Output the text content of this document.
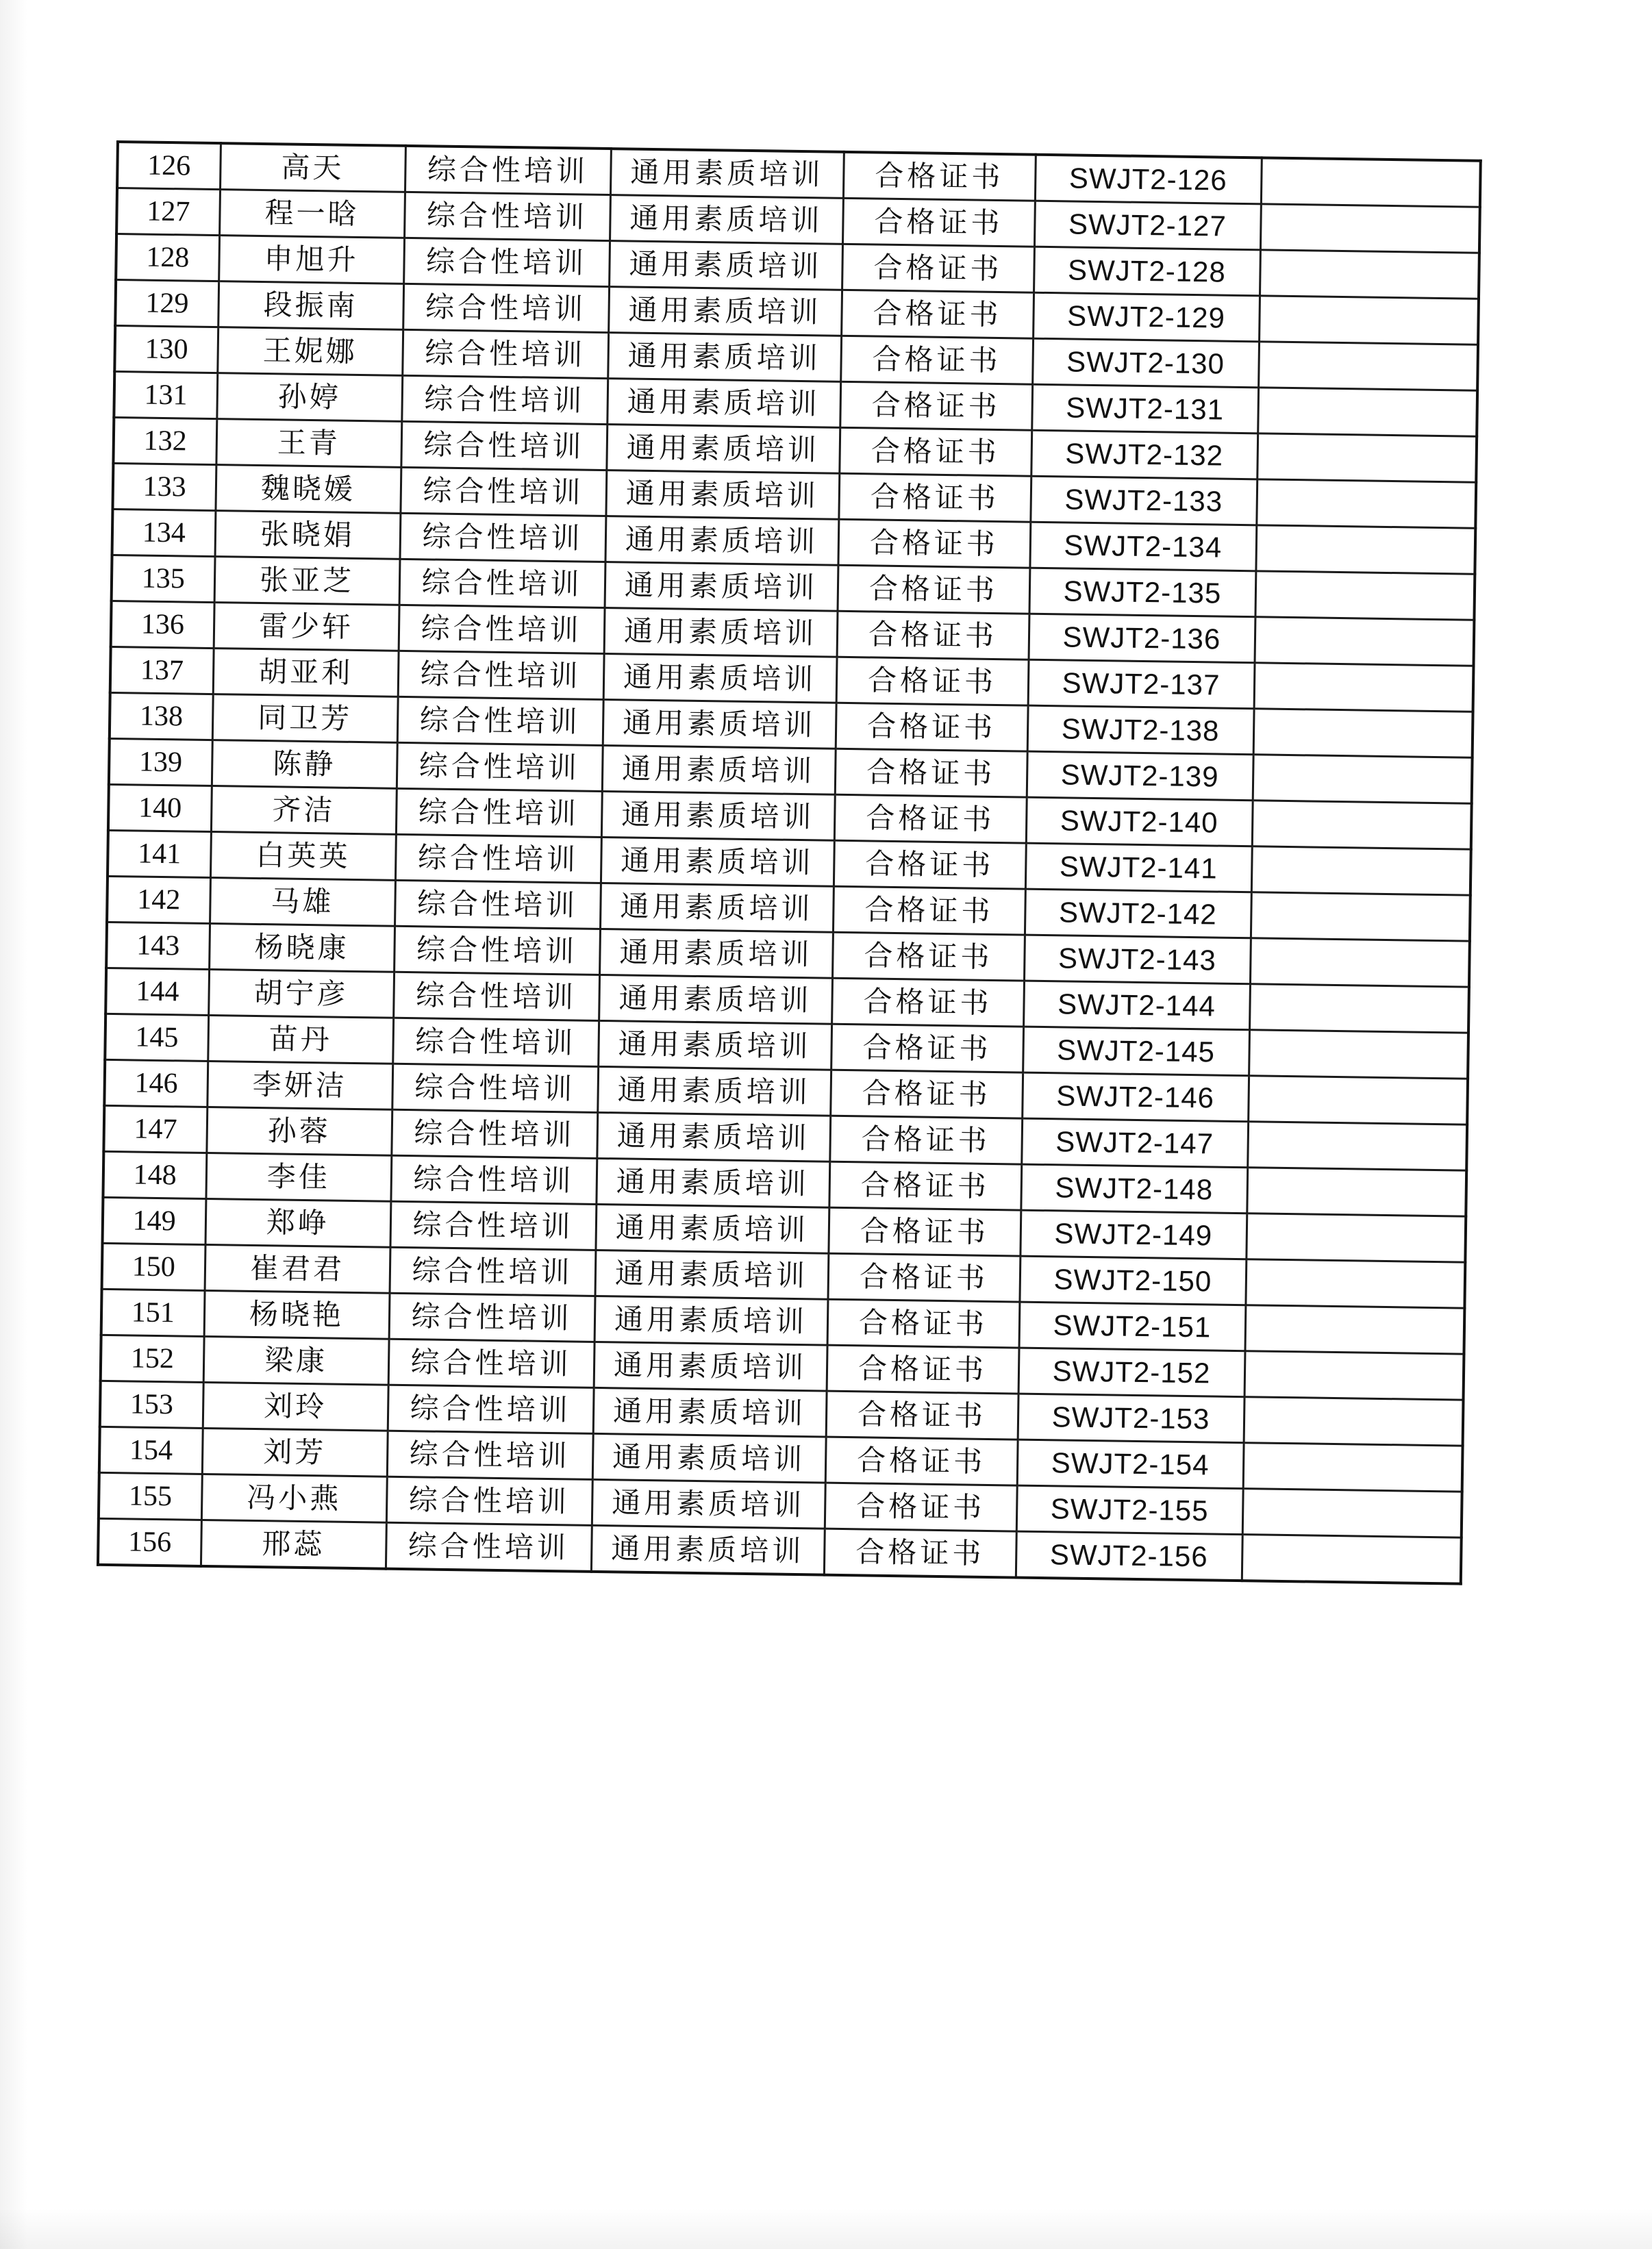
126	高天	综合性培训	通用素质培训	合格证书	SWJT2-126	
127	程一晗	综合性培训	通用素质培训	合格证书	SWJT2-127	
128	申旭升	综合性培训	通用素质培训	合格证书	SWJT2-128	
129	段振南	综合性培训	通用素质培训	合格证书	SWJT2-129	
130	王妮娜	综合性培训	通用素质培训	合格证书	SWJT2-130	
131	孙婷	综合性培训	通用素质培训	合格证书	SWJT2-131	
132	王青	综合性培训	通用素质培训	合格证书	SWJT2-132	
133	魏晓媛	综合性培训	通用素质培训	合格证书	SWJT2-133	
134	张晓娟	综合性培训	通用素质培训	合格证书	SWJT2-134	
135	张亚芝	综合性培训	通用素质培训	合格证书	SWJT2-135	
136	雷少轩	综合性培训	通用素质培训	合格证书	SWJT2-136	
137	胡亚利	综合性培训	通用素质培训	合格证书	SWJT2-137	
138	同卫芳	综合性培训	通用素质培训	合格证书	SWJT2-138	
139	陈静	综合性培训	通用素质培训	合格证书	SWJT2-139	
140	齐洁	综合性培训	通用素质培训	合格证书	SWJT2-140	
141	白英英	综合性培训	通用素质培训	合格证书	SWJT2-141	
142	马雄	综合性培训	通用素质培训	合格证书	SWJT2-142	
143	杨晓康	综合性培训	通用素质培训	合格证书	SWJT2-143	
144	胡宁彦	综合性培训	通用素质培训	合格证书	SWJT2-144	
145	苗丹	综合性培训	通用素质培训	合格证书	SWJT2-145	
146	李妍洁	综合性培训	通用素质培训	合格证书	SWJT2-146	
147	孙蓉	综合性培训	通用素质培训	合格证书	SWJT2-147	
148	李佳	综合性培训	通用素质培训	合格证书	SWJT2-148	
149	郑峥	综合性培训	通用素质培训	合格证书	SWJT2-149	
150	崔君君	综合性培训	通用素质培训	合格证书	SWJT2-150	
151	杨晓艳	综合性培训	通用素质培训	合格证书	SWJT2-151	
152	梁康	综合性培训	通用素质培训	合格证书	SWJT2-152	
153	刘玲	综合性培训	通用素质培训	合格证书	SWJT2-153	
154	刘芳	综合性培训	通用素质培训	合格证书	SWJT2-154	
155	冯小燕	综合性培训	通用素质培训	合格证书	SWJT2-155	
156	邢蕊	综合性培训	通用素质培训	合格证书	SWJT2-156	
